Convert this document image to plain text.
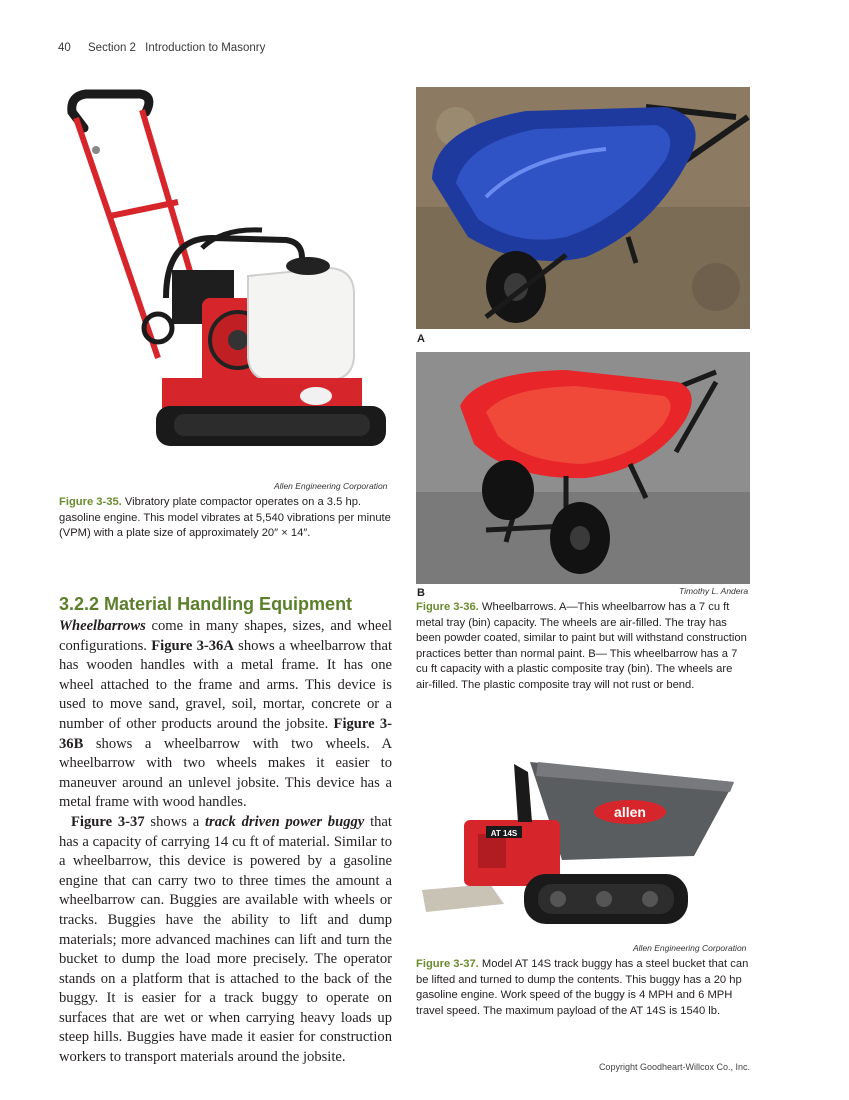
40 Section 2 Introduction to Masonry
Allen Engineering Corporation
Figure 3-35. Vibratory plate compactor operates on a 3.5 hp. gasoline engine. This model vibrates at 5,540 vibrations per minute (VPM) with a plate size of approximately 20″ × 14″.
A
B	Timothy L. Andera
Figure 3-36. Wheelbarrows. A—This wheelbarrow has a 7 cu ft metal tray (bin) capacity. The wheels are air-filled. The tray has been powder coated, similar to paint but will withstand construction practices better than normal paint. B— This wheelbarrow has a 7 cu ft capacity with a plastic composite tray (bin). The wheels are air-filled. The plastic composite tray will not rust or bend.
allen
AT 14S
Allen Engineering Corporation
Figure 3-37. Model AT 14S track buggy has a steel bucket that can be lifted and turned to dump the contents. This buggy has a 20 hp gasoline engine. Work speed of the buggy is 4 MPH and 6 MPH travel speed. The maximum payload of the AT 14S is 1540 lb.
3.2.2 Material Handling Equipment

Wheelbarrows come in many shapes, sizes, and wheel configurations. Figure 3-36A shows a wheelbarrow that has wooden handles with a metal frame. It has one wheel attached to the frame and arms. This device is used to move sand, gravel, soil, mortar, concrete or a number of other products around the jobsite. Figure 3-36B shows a wheelbarrow with two wheels. A wheelbarrow with two wheels makes it easier to maneuver around an unlevel jobsite. This device has a metal frame with wood handles.

Figure 3-37 shows a track driven power buggy that has a capacity of carrying 14 cu ft of material. Similar to a wheelbarrow, this device is powered by a gasoline engine that can carry two to three times the amount a wheelbarrow can. Buggies are available with wheels or tracks. Buggies have the ability to lift and dump materials; more advanced machines can lift and turn the bucket to dump the load more precisely. The operator stands on a platform that is attached to the back of the buggy. It is easier for a track buggy to operate on surfaces that are wet or when carrying heavy loads up steep hills. Buggies have made it easier for construction workers to transport materials around the jobsite.

Copyright Goodheart-Willcox Co., Inc.
